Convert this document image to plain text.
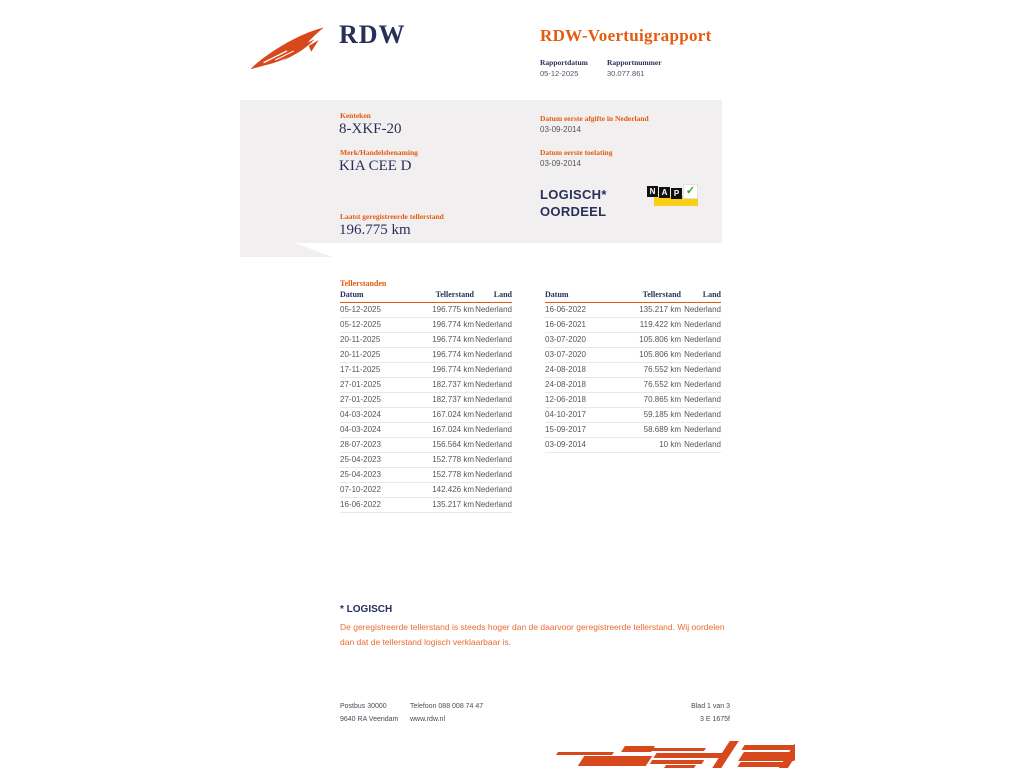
RDW	RDW-Voertuigrapport
Rapportdatum	Rapportnummer
05-12-2025	30.077.861
Kenteken
8-XKF-20
Merk/Handelsbenaming
KIA CEE D
Laatst geregistreerde tellerstand
196.775 km
Datum eerste afgifte in Nederland
03-09-2014
Datum eerste toelating
03-09-2014
LOGISCH*
OORDEEL
N A P ✓
Tellerstanden
Datum	Tellerstand	Land
05-12-2025	196.775 km	Nederland
05-12-2025	196.774 km	Nederland
20-11-2025	196.774 km	Nederland
20-11-2025	196.774 km	Nederland
17-11-2025	196.774 km	Nederland
27-01-2025	182.737 km	Nederland
27-01-2025	182.737 km	Nederland
04-03-2024	167.024 km	Nederland
04-03-2024	167.024 km	Nederland
28-07-2023	156.564 km	Nederland
25-04-2023	152.778 km	Nederland
25-04-2023	152.778 km	Nederland
07-10-2022	142.426 km	Nederland
16-06-2022	135.217 km	Nederland
Datum	Tellerstand	Land
16-06-2022	135.217 km	Nederland
16-06-2021	119.422 km	Nederland
03-07-2020	105.806 km	Nederland
03-07-2020	105.806 km	Nederland
24-08-2018	76.552 km	Nederland
24-08-2018	76.552 km	Nederland
12-06-2018	70.865 km	Nederland
04-10-2017	59.185 km	Nederland
15-09-2017	58.689 km	Nederland
03-09-2014	10 km	Nederland
* LOGISCH
De geregistreerde tellerstand is steeds hoger dan de daarvoor geregistreerde tellerstand. Wij oordelen dan dat de tellerstand logisch verklaarbaar is.
Postbus 30000
9640 RA Veendam
Telefoon 088 008 74 47
www.rdw.nl
Blad 1 van 3
3 E 1675f
